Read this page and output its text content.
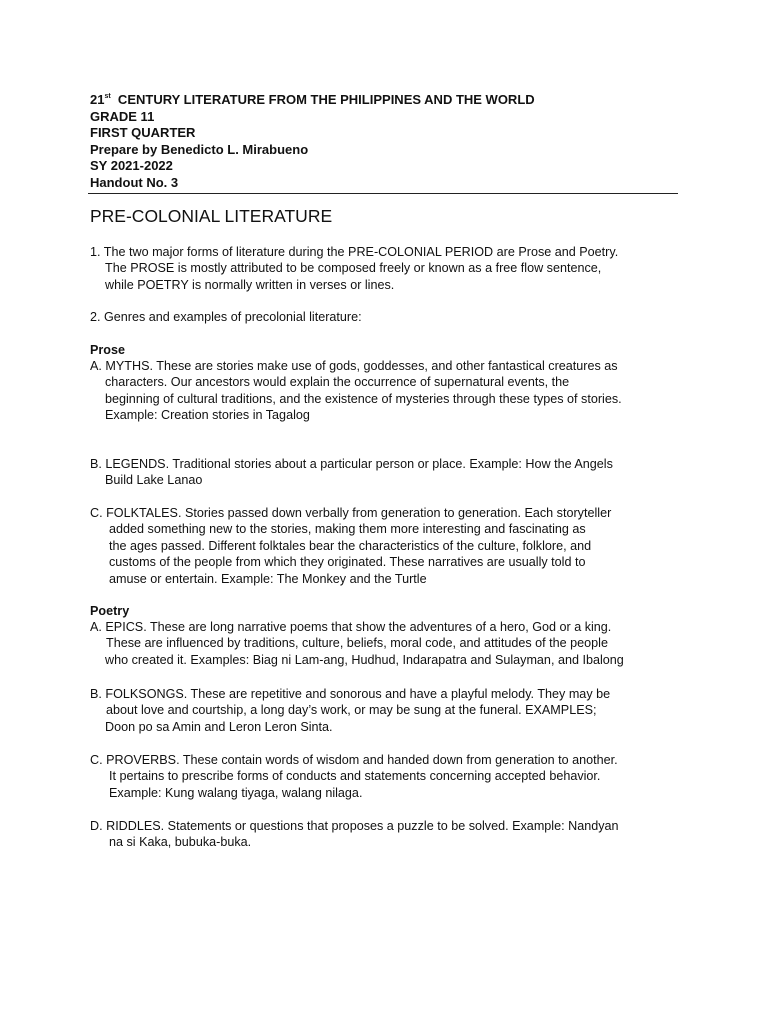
21st  CENTURY LITERATURE FROM THE PHILIPPINES AND THE WORLD
GRADE 11
FIRST QUARTER
Prepare by Benedicto L. Mirabueno
SY 2021-2022
Handout No. 3
PRE-COLONIAL LITERATURE
1. The two major forms of literature during the PRE-COLONIAL PERIOD are Prose and Poetry.
The PROSE is mostly attributed to be composed freely or known as a free flow sentence,
while POETRY is normally written in verses or lines.
2. Genres and examples of precolonial literature:
Prose
A. MYTHS. These are stories make use of gods, goddesses, and other fantastical creatures as
characters. Our ancestors would explain the occurrence of supernatural events, the
beginning of cultural traditions, and the existence of mysteries through these types of stories.
Example: Creation stories in Tagalog
B. LEGENDS. Traditional stories about a particular person or place. Example: How the Angels
Build Lake Lanao
C. FOLKTALES. Stories passed down verbally from generation to generation. Each storyteller
added something new to the stories, making them more interesting and fascinating as
the ages passed. Different folktales bear the characteristics of the culture, folklore, and
customs of the people from which they originated. These narratives are usually told to
amuse or entertain. Example: The Monkey and the Turtle
Poetry
A. EPICS. These are long narrative poems that show the adventures of a hero, God or a king.
These are influenced by traditions, culture, beliefs, moral code, and attitudes of the people
who created it. Examples: Biag ni Lam-ang, Hudhud, Indarapatra and Sulayman, and Ibalong
B. FOLKSONGS. These are repetitive and sonorous and have a playful melody. They may be
about love and courtship, a long day’s work, or may be sung at the funeral. EXAMPLES;
Doon po sa Amin and Leron Leron Sinta.
C. PROVERBS. These contain words of wisdom and handed down from generation to another.
It pertains to prescribe forms of conducts and statements concerning accepted behavior.
Example: Kung walang tiyaga, walang nilaga.
D. RIDDLES. Statements or questions that proposes a puzzle to be solved. Example: Nandyan
na si Kaka, bubuka-buka.
